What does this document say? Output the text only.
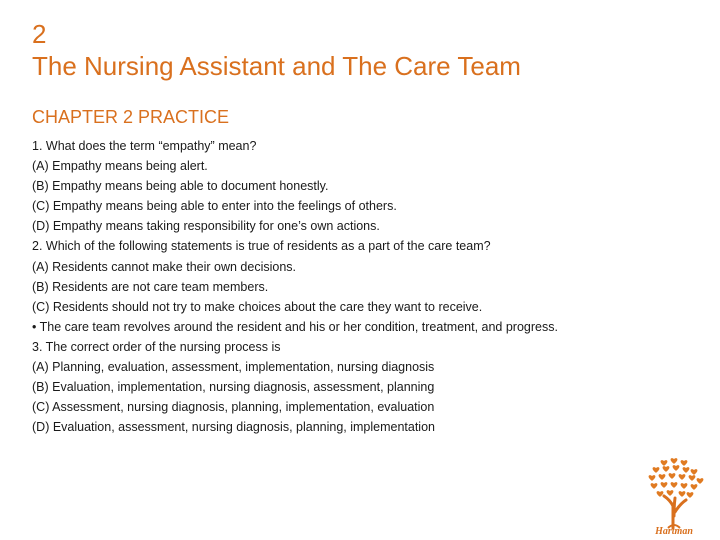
2
The Nursing Assistant and The Care Team
CHAPTER 2 PRACTICE
1. What does the term “empathy” mean?
(A) Empathy means being alert.
(B) Empathy means being able to document honestly.
(C) Empathy means being able to enter into the feelings of others.
(D) Empathy means taking responsibility for one’s own actions.
2. Which of the following statements is true of residents as a part of the care team?
(A) Residents cannot make their own decisions.
(B) Residents are not care team members.
(C) Residents should not try to make choices about the care they want to receive.
• The care team revolves around the resident and his or her condition, treatment, and progress.
3. The correct order of the nursing process is
(A) Planning, evaluation, assessment, implementation, nursing diagnosis
(B) Evaluation, implementation, nursing diagnosis, assessment, planning
(C) Assessment, nursing diagnosis, planning, implementation, evaluation
(D) Evaluation, assessment, nursing diagnosis, planning, implementation
Hartman
